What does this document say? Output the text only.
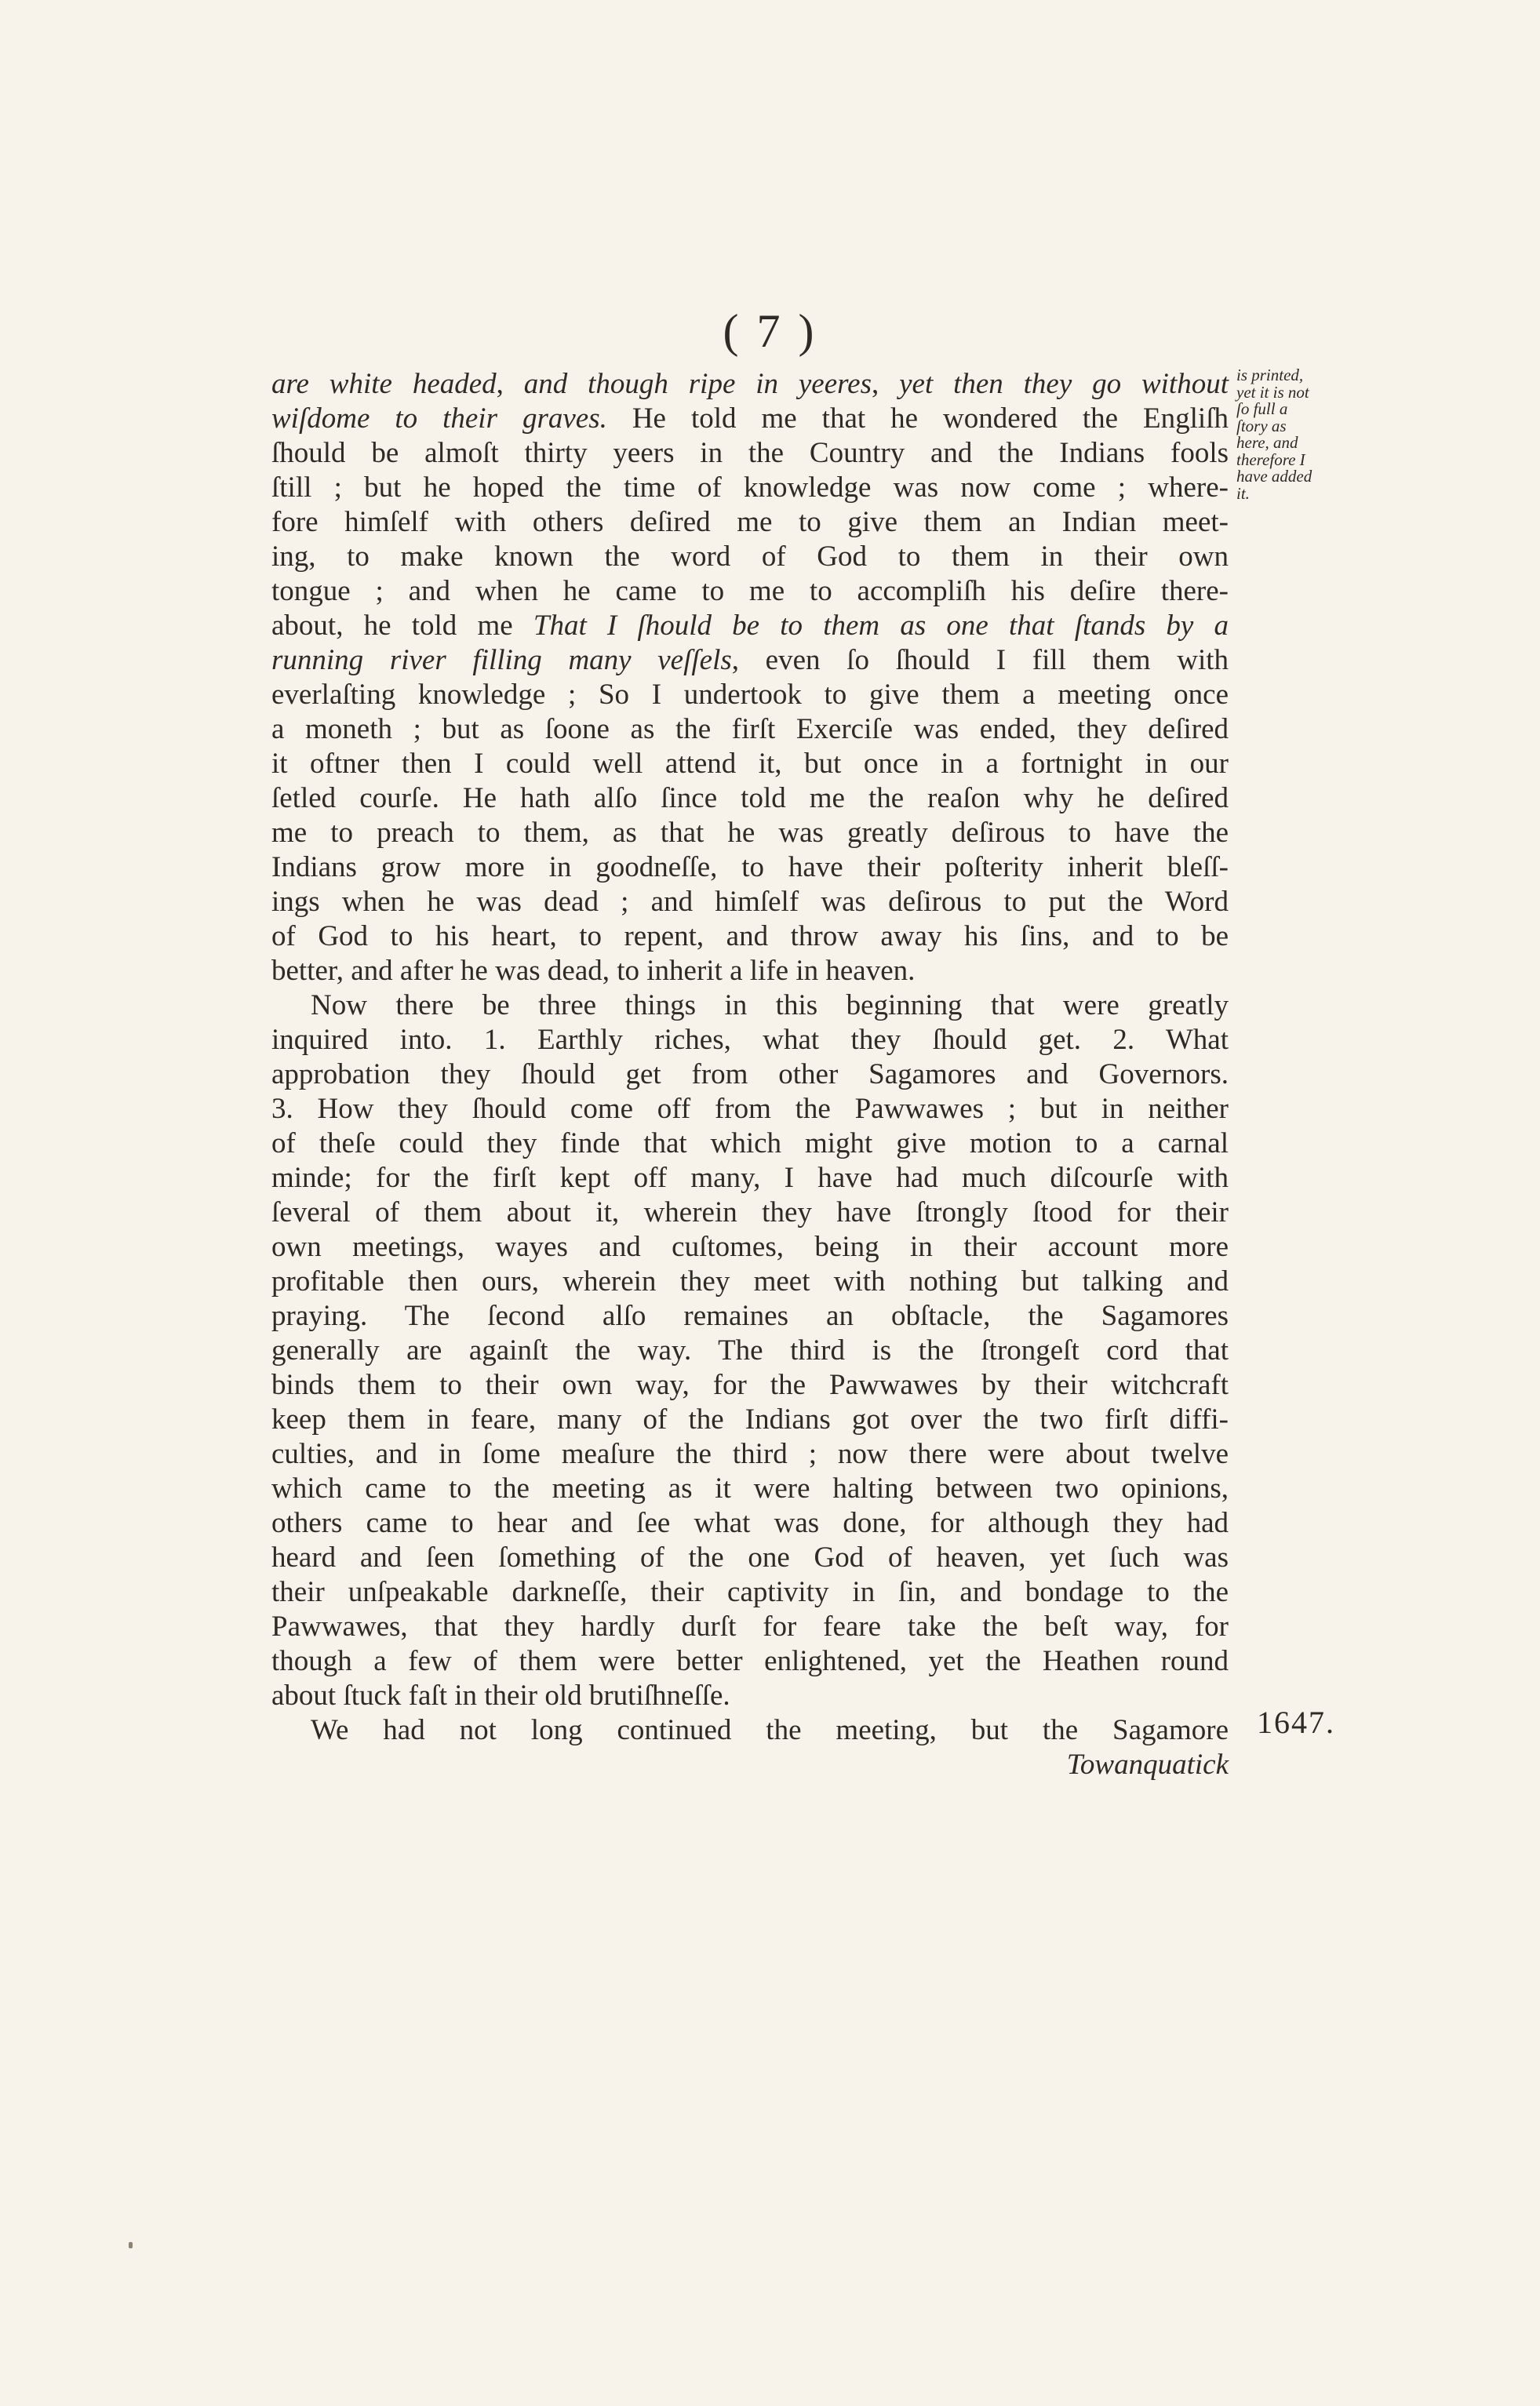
( 7 )
are white headed, and though ripe in yeeres, yet then they go without
wiſdome to their graves. He told me that he wondered the Engliſh
ſhould be almoſt thirty yeers in the Country and the Indians fools
ſtill ; but he hoped the time of knowledge was now come ; where-
fore himſelf with others deſired me to give them an Indian meet-
ing, to make known the word of God to them in their own
tongue ; and when he came to me to accompliſh his deſire there-
about, he told me That I ſhould be to them as one that ſtands by a
running river filling many veſſels, even ſo ſhould I fill them with
everlaſting knowledge ; So I undertook to give them a meeting once
a moneth ; but as ſoone as the firſt Exerciſe was ended, they deſired
it oftner then I could well attend it, but once in a fortnight in our
ſetled courſe. He hath alſo ſince told me the reaſon why he deſired
me to preach to them, as that he was greatly deſirous to have the
Indians grow more in goodneſſe, to have their poſterity inherit bleſſ-
ings when he was dead ; and himſelf was deſirous to put the Word
of God to his heart, to repent, and throw away his ſins, and to be
better, and after he was dead, to inherit a life in heaven.
Now there be three things in this beginning that were greatly
inquired into. 1. Earthly riches, what they ſhould get. 2. What
approbation they ſhould get from other Sagamores and Governors.
3. How they ſhould come off from the Pawwawes ; but in neither
of theſe could they finde that which might give motion to a carnal
minde; for the firſt kept off many, I have had much diſcourſe with
ſeveral of them about it, wherein they have ſtrongly ſtood for their
own meetings, wayes and cuſtomes, being in their account more
profitable then ours, wherein they meet with nothing but talking and
praying. The ſecond alſo remaines an obſtacle, the Sagamores
generally are againſt the way. The third is the ſtrongeſt cord that
binds them to their own way, for the Pawwawes by their witchcraft
keep them in feare, many of the Indians got over the two firſt diffi-
culties, and in ſome meaſure the third ; now there were about twelve
which came to the meeting as it were halting between two opinions,
others came to hear and ſee what was done, for although they had
heard and ſeen ſomething of the one God of heaven, yet ſuch was
their unſpeakable darkneſſe, their captivity in ſin, and bondage to the
Pawwawes, that they hardly durſt for feare take the beſt way, for
though a few of them were better enlightened, yet the Heathen round
about ſtuck faſt in their old brutiſhneſſe.
We had not long continued the meeting, but the Sagamore
Towanquatick
is printed,
yet it is not
ſo full a
ſtory as
here, and
therefore I
have added
it.
1647.
